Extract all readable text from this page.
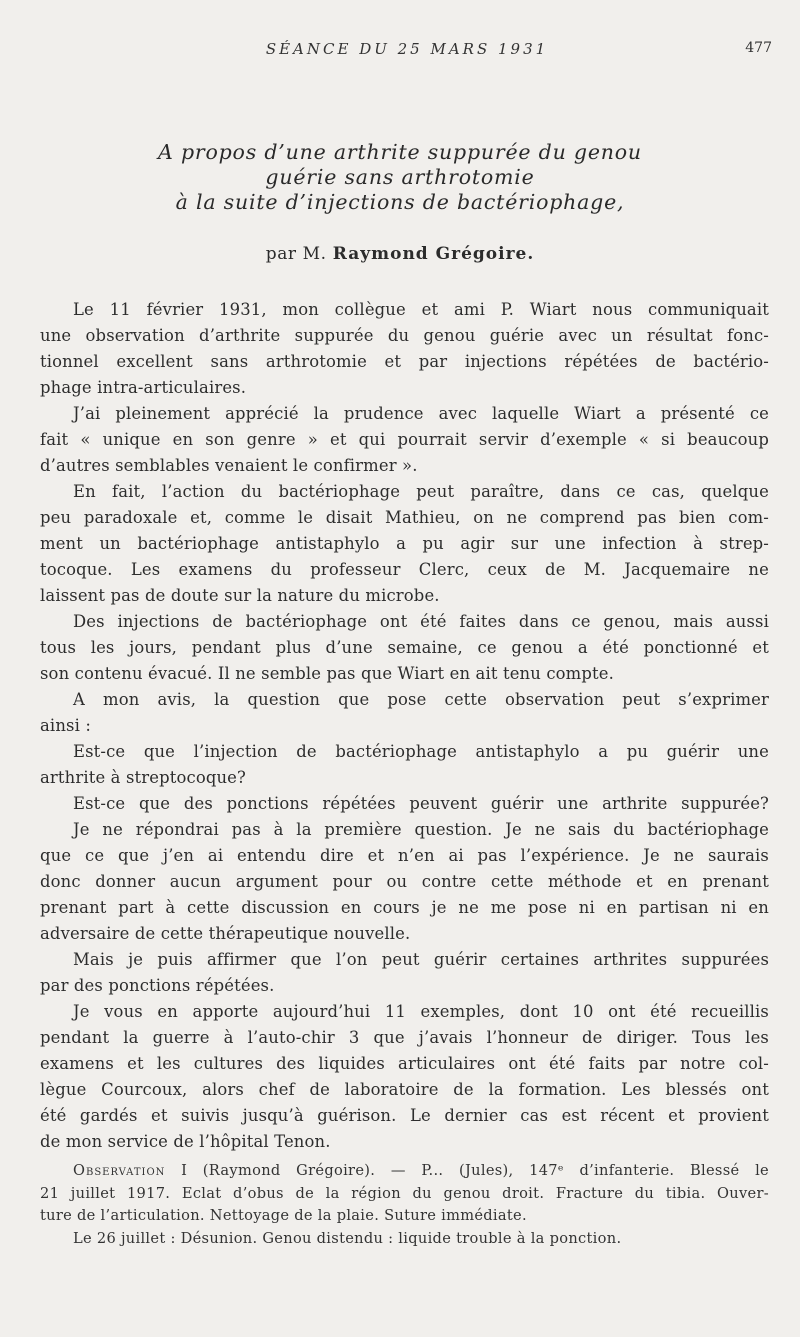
SÉANCE DU 25 MARS 1931	477
A propos d’une arthrite suppurée du genou
guérie sans arthrotomie
à la suite d’injections de bactériophage,
par M. Raymond Grégoire.
Le 11 février 1931, mon collègue et ami P. Wiart nous communiquait
une observation d’arthrite suppurée du genou guérie avec un résultat fonc-
tionnel excellent sans arthrotomie et par injections répétées de bactério-
phage intra-articulaires.
J’ai pleinement apprécié la prudence avec laquelle Wiart a présenté ce
fait « unique en son genre » et qui pourrait servir d’exemple « si beaucoup
d’autres semblables venaient le confirmer ».
En fait, l’action du bactériophage peut paraître, dans ce cas, quelque
peu paradoxale et, comme le disait Mathieu, on ne comprend pas bien com-
ment un bactériophage antistaphylo a pu agir sur une infection à strep-
tocoque. Les examens du professeur Clerc, ceux de M. Jacquemaire ne
laissent pas de doute sur la nature du microbe.
Des injections de bactériophage ont été faites dans ce genou, mais aussi
tous les jours, pendant plus d’une semaine, ce genou a été ponctionné et
son contenu évacué. Il ne semble pas que Wiart en ait tenu compte.
A mon avis, la question que pose cette observation peut s’exprimer
ainsi :
Est-ce que l’injection de bactériophage antistaphylo a pu guérir une
arthrite à streptocoque?
Est-ce que des ponctions répétées peuvent guérir une arthrite suppurée?
Je ne répondrai pas à la première question. Je ne sais du bactériophage
que ce que j’en ai entendu dire et n’en ai pas l’expérience. Je ne saurais
donc donner aucun argument pour ou contre cette méthode et en prenant
prenant part à cette discussion en cours je ne me pose ni en partisan ni en
adversaire de cette thérapeutique nouvelle.
Mais je puis affirmer que l’on peut guérir certaines arthrites suppurées
par des ponctions répétées.
Je vous en apporte aujourd’hui 11 exemples, dont 10 ont été recueillis
pendant la guerre à l’auto-chir 3 que j’avais l’honneur de diriger. Tous les
examens et les cultures des liquides articulaires ont été faits par notre col-
lègue Courcoux, alors chef de laboratoire de la formation. Les blessés ont
été gardés et suivis jusqu’à guérison. Le dernier cas est récent et provient
de mon service de l’hôpital Tenon.
Observation I (Raymond Grégoire). — P... (Jules), 147ᵉ d’infanterie. Blessé le
21 juillet 1917. Eclat d’obus de la région du genou droit. Fracture du tibia. Ouver-
ture de l’articulation. Nettoyage de la plaie. Suture immédiate.
Le 26 juillet : Désunion. Genou distendu : liquide trouble à la ponction.
